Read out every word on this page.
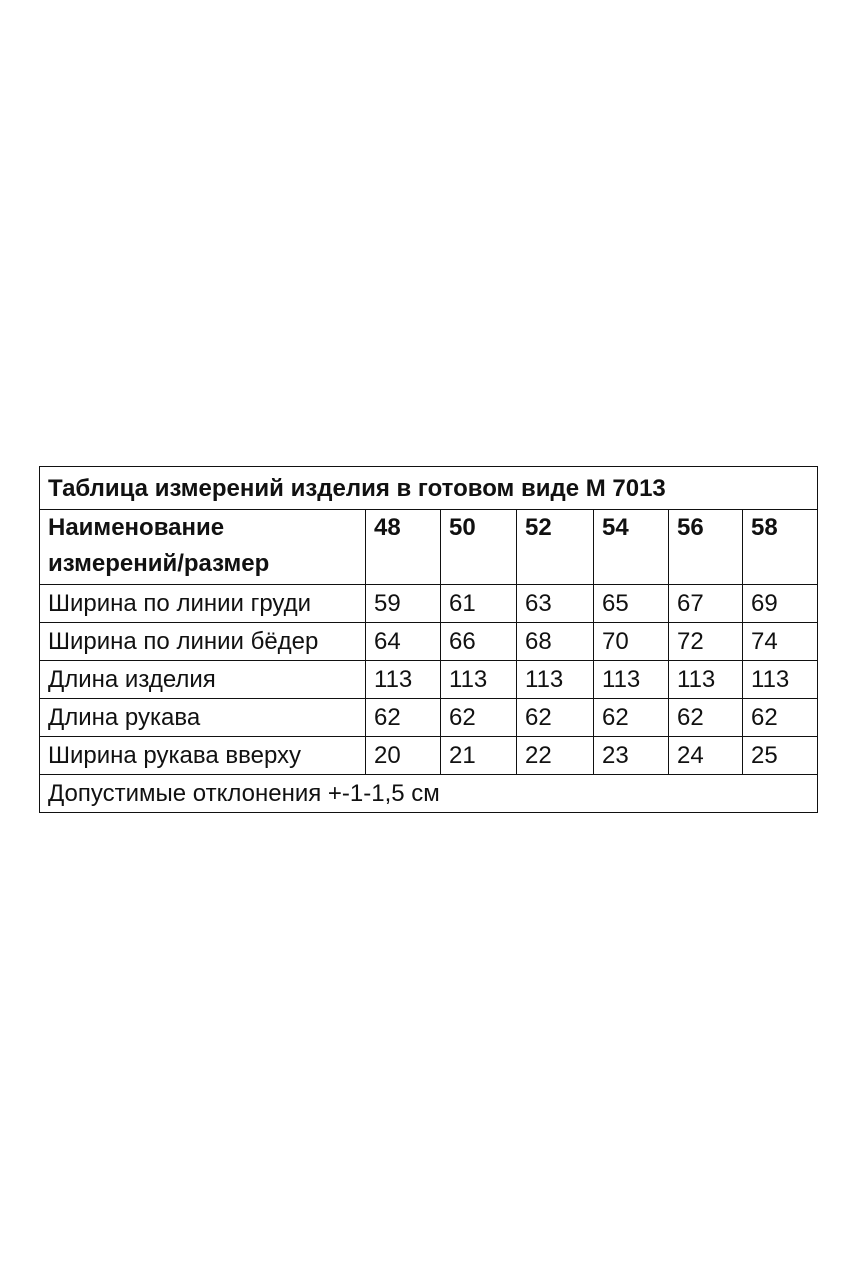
Таблица измерений изделия в готовом виде М 7013						
Наименование
измерений/размер	48	50	52	54	56	58
Ширина по линии груди	59	61	63	65	67	69
Ширина по линии бёдер	64	66	68	70	72	74
Длина изделия	113	113	113	113	113	113
Длина рукава	62	62	62	62	62	62
Ширина рукава вверху	20	21	22	23	24	25
Допустимые отклонения +-1-1,5 см						
